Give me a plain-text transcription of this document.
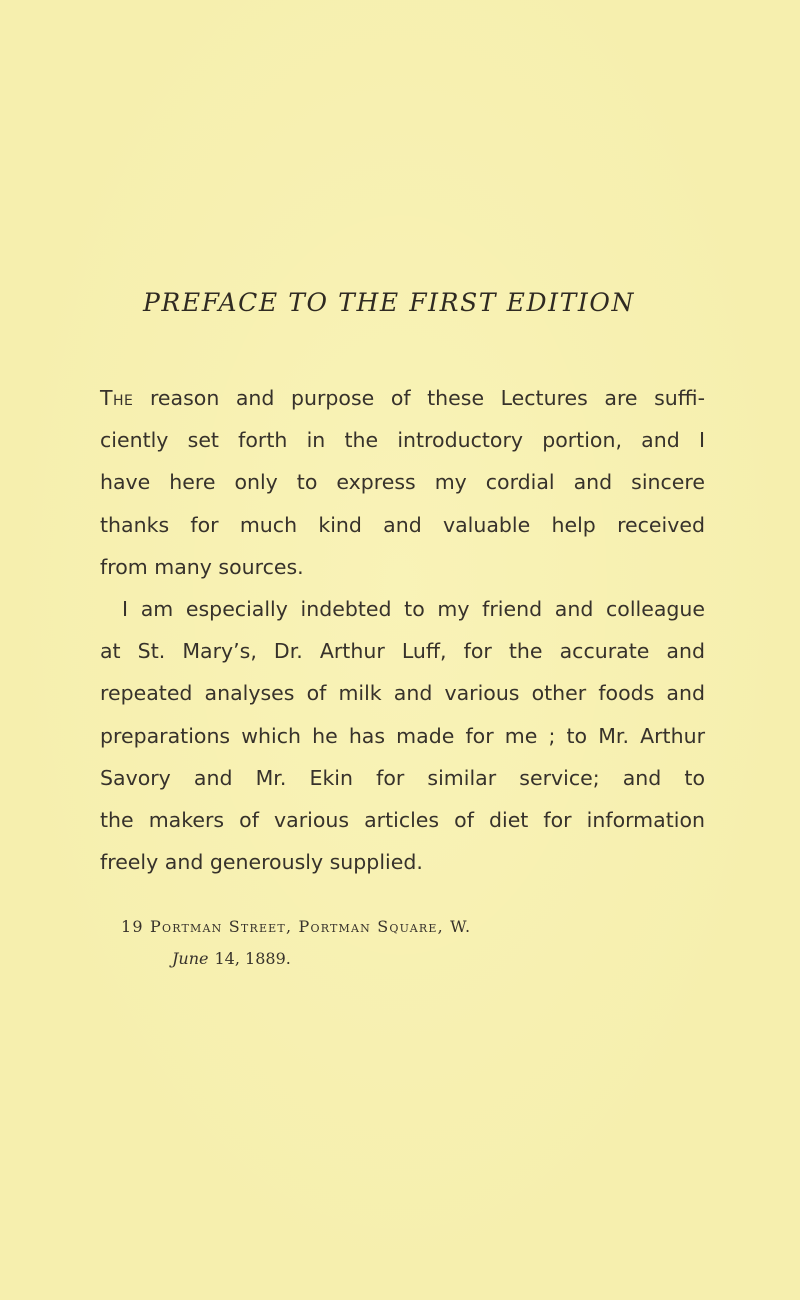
PREFACE TO THE FIRST EDITION
The reason and purpose of these Lectures are suffi-
ciently set forth in the introductory portion, and I
have here only to express my cordial and sincere
thanks for much kind and valuable help received
from many sources.
I am especially indebted to my friend and colleague
at St. Mary’s, Dr. Arthur Luff, for the accurate and
repeated analyses of milk and various other foods and
preparations which he has made for me ; to Mr. Arthur
Savory and Mr. Ekin for similar service; and to
the makers of various articles of diet for information
freely and generously supplied.
19 Portman Street, Portman Square, W.
June 14, 1889.
